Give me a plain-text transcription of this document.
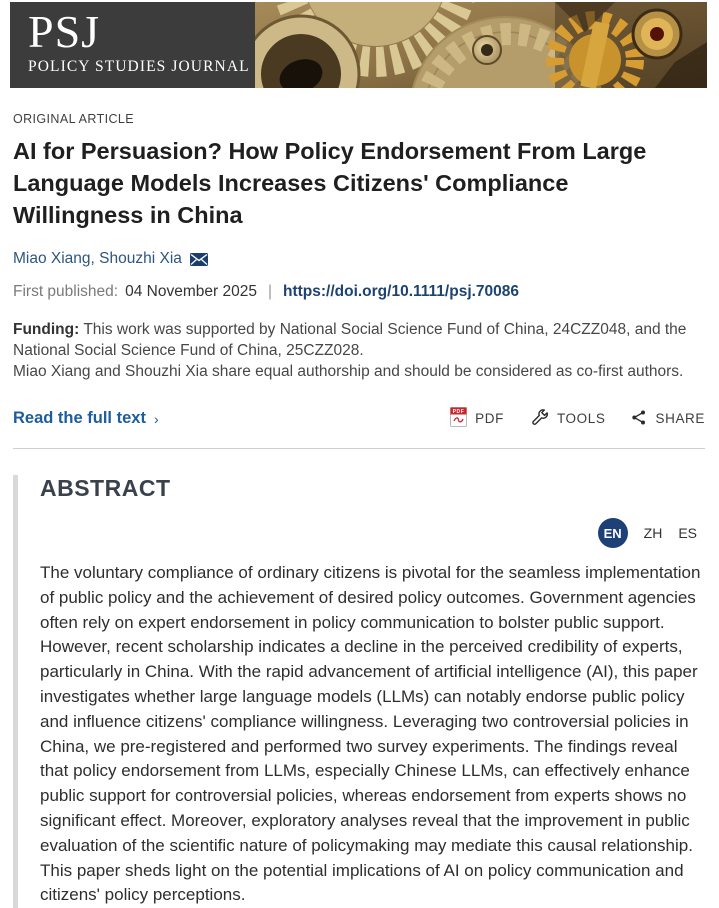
PSJ
POLICY STUDIES JOURNAL
ORIGINAL ARTICLE
AI for Persuasion? How Policy Endorsement From Large Language Models Increases Citizens' Compliance Willingness in China
Miao Xiang, Shouzhi Xia
First published: 04 November 2025 | https://doi.org/10.1111/psj.70086
Funding: This work was supported by National Social Science Fund of China, 24CZZ048, and the National Social Science Fund of China, 25CZZ028.
Miao Xiang and Shouzhi Xia share equal authorship and should be considered as co-first authors.
Read the full text ›	PDF PDF	TOOLS	SHARE
ABSTRACT
EN	ZH ES

The voluntary compliance of ordinary citizens is pivotal for the seamless implementation of public policy and the achievement of desired policy outcomes. Government agencies often rely on expert endorsement in policy communication to bolster public support. However, recent scholarship indicates a decline in the perceived credibility of experts, particularly in China. With the rapid advancement of artificial intelligence (AI), this paper investigates whether large language models (LLMs) can notably endorse public policy and influence citizens' compliance willingness. Leveraging two controversial policies in China, we pre-registered and performed two survey experiments. The findings reveal that policy endorsement from LLMs, especially Chinese LLMs, can effectively enhance public support for controversial policies, whereas endorsement from experts shows no significant effect. Moreover, exploratory analyses reveal that the improvement in public evaluation of the scientific nature of policymaking may mediate this causal relationship. This paper sheds light on the potential implications of AI on policy communication and citizens' policy perceptions.
